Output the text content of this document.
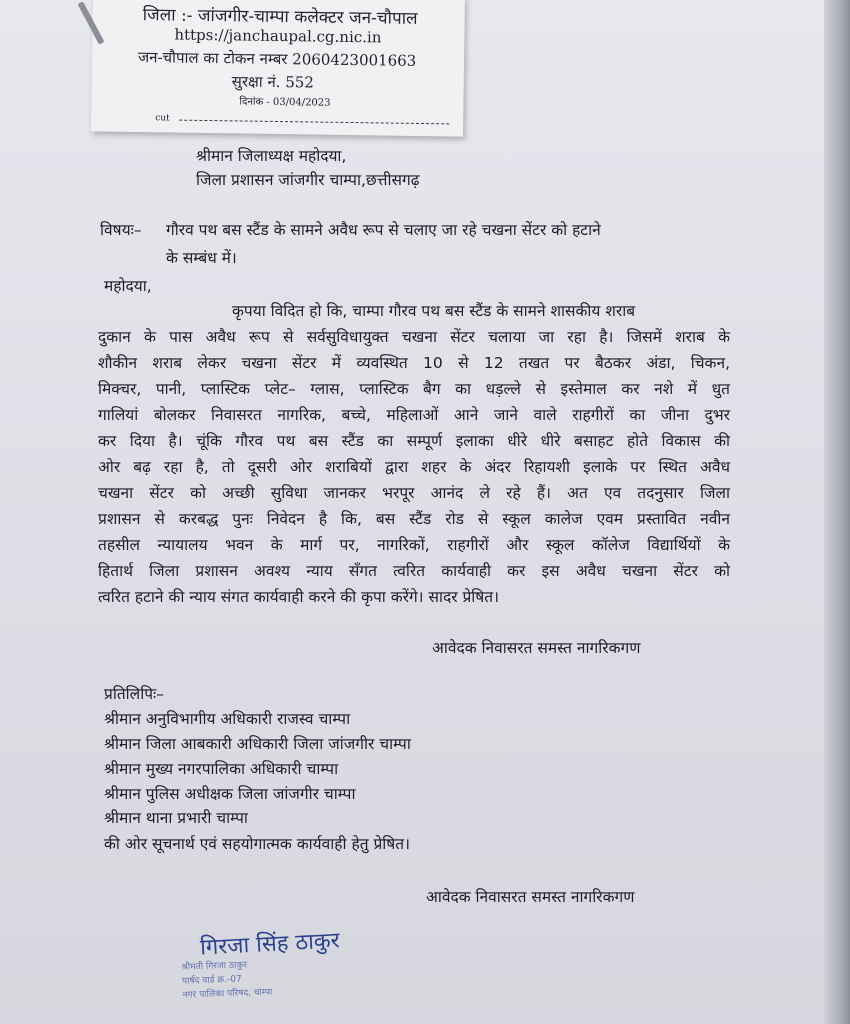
जिला :- जांजगीर-चाम्पा कलेक्टर जन-चौपाल
https://janchaupal.cg.nic.in
जन-चौपाल का टोकन नम्बर 2060423001663
सुरक्षा नं. 552
दिनांक - 03/04/2023
cut
श्रीमान जिलाध्यक्ष महोदया,
जिला प्रशासन जांजगीर चाम्पा,छत्तीसगढ़
विषयः– गौरव पथ बस स्टैंड के सामने अवैध रूप से चलाए जा रहे चखना सेंटर को हटाने
के सम्बंध में।
महोदया,
कृपया विदित हो कि, चाम्पा गौरव पथ बस स्टैंड के सामने शासकीय शराब
दुकान के पास अवैध रूप से सर्वसुविधायुक्त चखना सेंटर चलाया जा रहा है। जिसमें शराब के
शौकीन शराब लेकर चखना सेंटर में व्यवस्थित 10 से 12 तखत पर बैठकर अंडा, चिकन,
मिक्चर, पानी, प्लास्टिक प्लेट– ग्लास, प्लास्टिक बैग का धड़ल्ले से इस्तेमाल कर नशे में धुत
गालियां बोलकर निवासरत नागरिक, बच्चे, महिलाओं आने जाने वाले राहगीरों का जीना दुभर
कर दिया है। चूंकि गौरव पथ बस स्टैंड का सम्पूर्ण इलाका धीरे धीरे बसाहट होते विकास की
ओर बढ़ रहा है, तो दूसरी ओर शराबियों द्वारा शहर के अंदर रिहायशी इलाके पर स्थित अवैध
चखना सेंटर को अच्छी सुविधा जानकर भरपूर आनंद ले रहे हैं। अत एव तदनुसार जिला
प्रशासन से करबद्ध पुनः निवेदन है कि, बस स्टैंड रोड से स्कूल कालेज एवम प्रस्तावित नवीन
तहसील न्यायालय भवन के मार्ग पर, नागरिकों, राहगीरों और स्कूल कॉलेज विद्यार्थियों के
हितार्थ जिला प्रशासन अवश्य न्याय सँगत त्वरित कार्यवाही कर इस अवैध चखना सेंटर को
त्वरित हटाने की न्याय संगत कार्यवाही करने की कृपा करेंगे। सादर प्रेषित।
आवेदक निवासरत समस्त नागरिकगण
प्रतिलिपिः–
श्रीमान अनुविभागीय अधिकारी राजस्व चाम्पा
श्रीमान जिला आबकारी अधिकारी जिला जांजगीर चाम्पा
श्रीमान मुख्य नगरपालिका अधिकारी चाम्पा
श्रीमान पुलिस अधीक्षक जिला जांजगीर चाम्पा
श्रीमान थाना प्रभारी चाम्पा
की ओर सूचनार्थ एवं सहयोगात्मक कार्यवाही हेतु प्रेषित।
आवेदक निवासरत समस्त नागरिकगण
गिरजा सिंह ठाकुर
श्रीमती गिरजा ठाकुर
पार्षद वार्ड क्र.-07
नगर पालिका परिषद, चाम्पा
